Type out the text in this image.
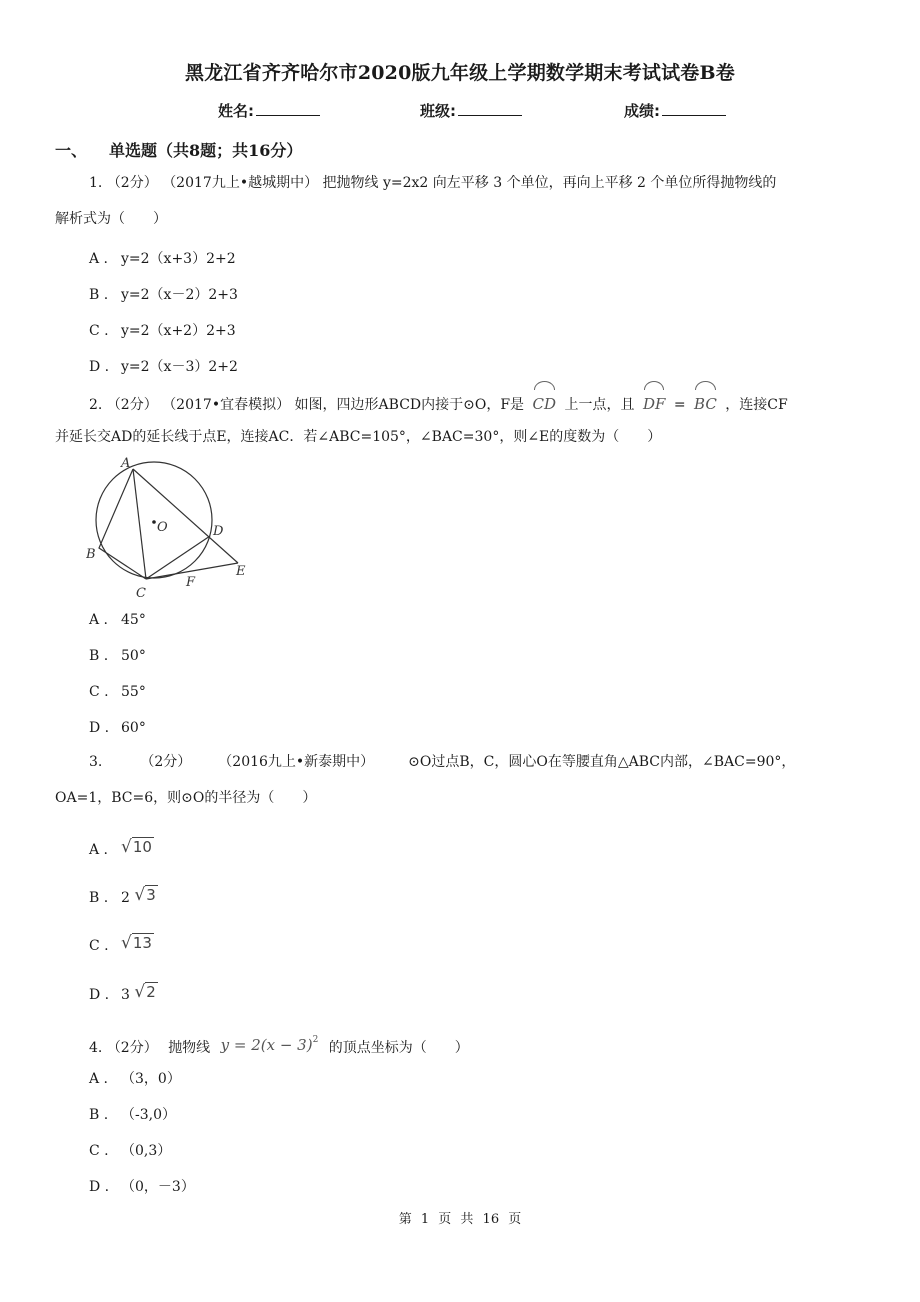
黑龙江省齐齐哈尔市2020版九年级上学期数学期末考试试卷B卷
姓名:	班级:	成绩:
一、 单选题（共8题；共16分）
1. （2分） （2017九上•越城期中） 把抛物线 y=2x2 向左平移 3 个单位，再向上平移 2 个单位所得抛物线的
解析式为（　　）
A . y=2（x+3）2+2
B . y=2（x－2）2+3
C . y=2（x+2）2+3
D . y=2（x－3）2+2
2. （2分） （2017•宜春模拟） 如图，四边形ABCD内接于⊙O，F是 CD 上一点，且 DF = BC ，连接CF
并延长交AD的延长线于点E，连接AC．若∠ABC=105°，∠BAC=30°，则∠E的度数为（　　）
A
B
C
D
E
F
O
A . 45°
B . 50°
C . 55°
D . 60°
3.	（2分） （2016九上•新泰期中） ⊙O过点B，C，圆心O在等腰直角△ABC内部，∠BAC=90°，
OA=1，BC=6，则⊙O的半径为（　　）
A . √10
B . 2 √3
C . √13
D . 3 √2
4. （2分） 抛物线 $y = 2(x - 3)^2$ 的顶点坐标为（　　）
A . （3，0）
B . （-3,0）
C . （0,3）
D . （0，－3）
第 1 页 共 16 页
